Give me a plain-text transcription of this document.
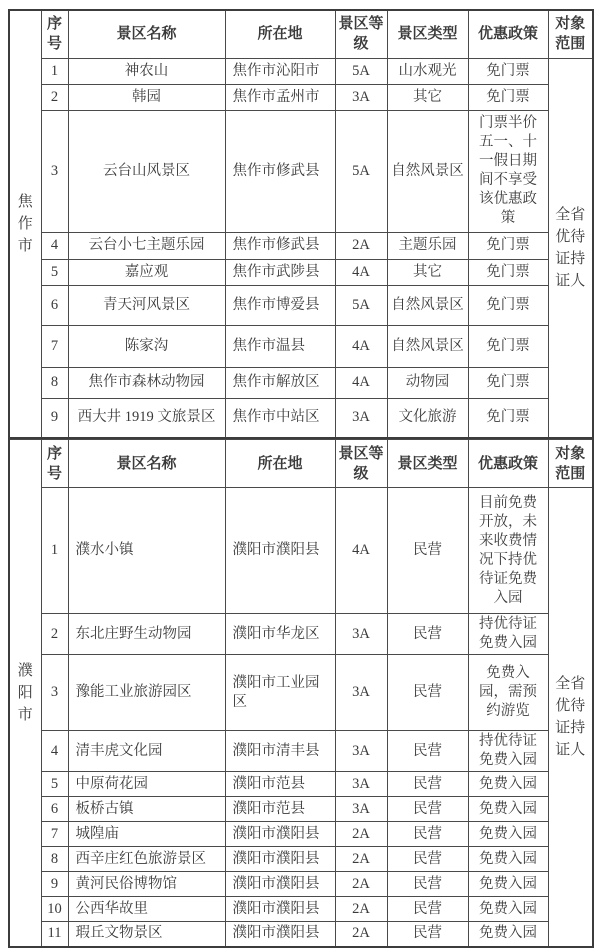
焦作市	序号	景区名称	所在地	景区等级	景区类型	优惠政策	对象范围
	1	神农山	焦作市沁阳市	5A	山水观光	免门票	全省优待证持证人
	2	韩园	焦作市孟州市	3A	其它	免门票	
	3	云台山风景区	焦作市修武县	5A	自然风景区	门票半价五一、十一假日期间不享受该优惠政策	
	4	云台小七主题乐园	焦作市修武县	2A	主题乐园	免门票	
	5	嘉应观	焦作市武陟县	4A	其它	免门票	
	6	青天河风景区	焦作市博爱县	5A	自然风景区	免门票	
	7	陈家沟	焦作市温县	4A	自然风景区	免门票	
	8	焦作市森林动物园	焦作市解放区	4A	动物园	免门票	
	9	西大井 1919 文旅景区	焦作市中站区	3A	文化旅游	免门票	
濮阳市	序号	景区名称	所在地	景区等级	景区类型	优惠政策	对象范围
	1	濮水小镇	濮阳市濮阳县	4A	民营	目前免费开放，未来收费情况下持优待证免费入园	全省优待证持证人
	2	东北庄野生动物园	濮阳市华龙区	3A	民营	持优待证免费入园	
	3	豫能工业旅游园区	濮阳市工业园区	3A	民营	免费入园，需预约游览	
	4	清丰虎文化园	濮阳市清丰县	3A	民营	持优待证免费入园	
	5	中原荷花园	濮阳市范县	3A	民营	免费入园	
	6	板桥古镇	濮阳市范县	3A	民营	免费入园	
	7	城隍庙	濮阳市濮阳县	2A	民营	免费入园	
	8	西辛庄红色旅游景区	濮阳市濮阳县	2A	民营	免费入园	
	9	黄河民俗博物馆	濮阳市濮阳县	2A	民营	免费入园	
	10	公西华故里	濮阳市濮阳县	2A	民营	免费入园	
	11	瑕丘文物景区	濮阳市濮阳县	2A	民营	免费入园	
